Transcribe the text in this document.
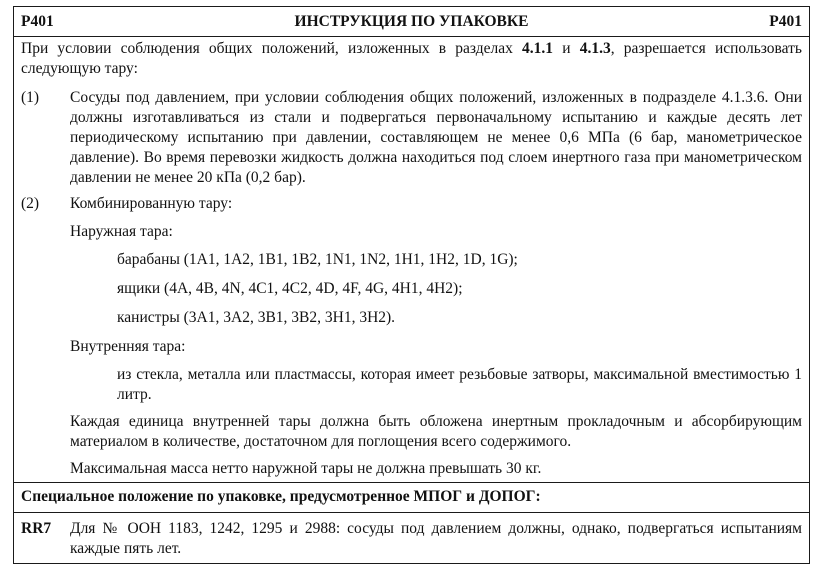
P401	ИНСТРУКЦИЯ ПО УПАКОВКЕ	P401

При условии соблюдения общих положений, изложенных в разделах 4.1.1 и 4.1.3, разрешается использовать следующую тару:

(1) Сосуды под давлением, при условии соблюдения общих положений, изложенных в подразделе 4.1.3.6. Они должны изготавливаться из стали и подвергаться первоначальному испытанию и каждые десять лет периодическому испытанию при давлении, составляющем не менее 0,6 МПа (6 бар, манометрическое давление). Во время перевозки жидкость должна находиться под слоем инертного газа при манометрическом давлении не менее 20 кПа (0,2 бар).

(2) Комбинированную тару:

Наружная тара:

барабаны (1A1, 1A2, 1B1, 1B2, 1N1, 1N2, 1H1, 1H2, 1D, 1G);

ящики (4A, 4B, 4N, 4C1, 4C2, 4D, 4F, 4G, 4H1, 4H2);

канистры (3A1, 3A2, 3B1, 3B2, 3H1, 3H2).

Внутренняя тара:

из стекла, металла или пластмассы, которая имеет резьбовые затворы, максимальной вместимостью 1 литр.

Каждая единица внутренней тары должна быть обложена инертным прокладочным и абсорбирующим материалом в количестве, достаточном для поглощения всего содержимого.

Максимальная масса нетто наружной тары не должна превышать 30 кг.

Специальное положение по упаковке, предусмотренное МПОГ и ДОПОГ:
RR7 Для № ООН 1183, 1242, 1295 и 2988: сосуды под давлением должны, однако, подвергаться испытаниям каждые пять лет.
